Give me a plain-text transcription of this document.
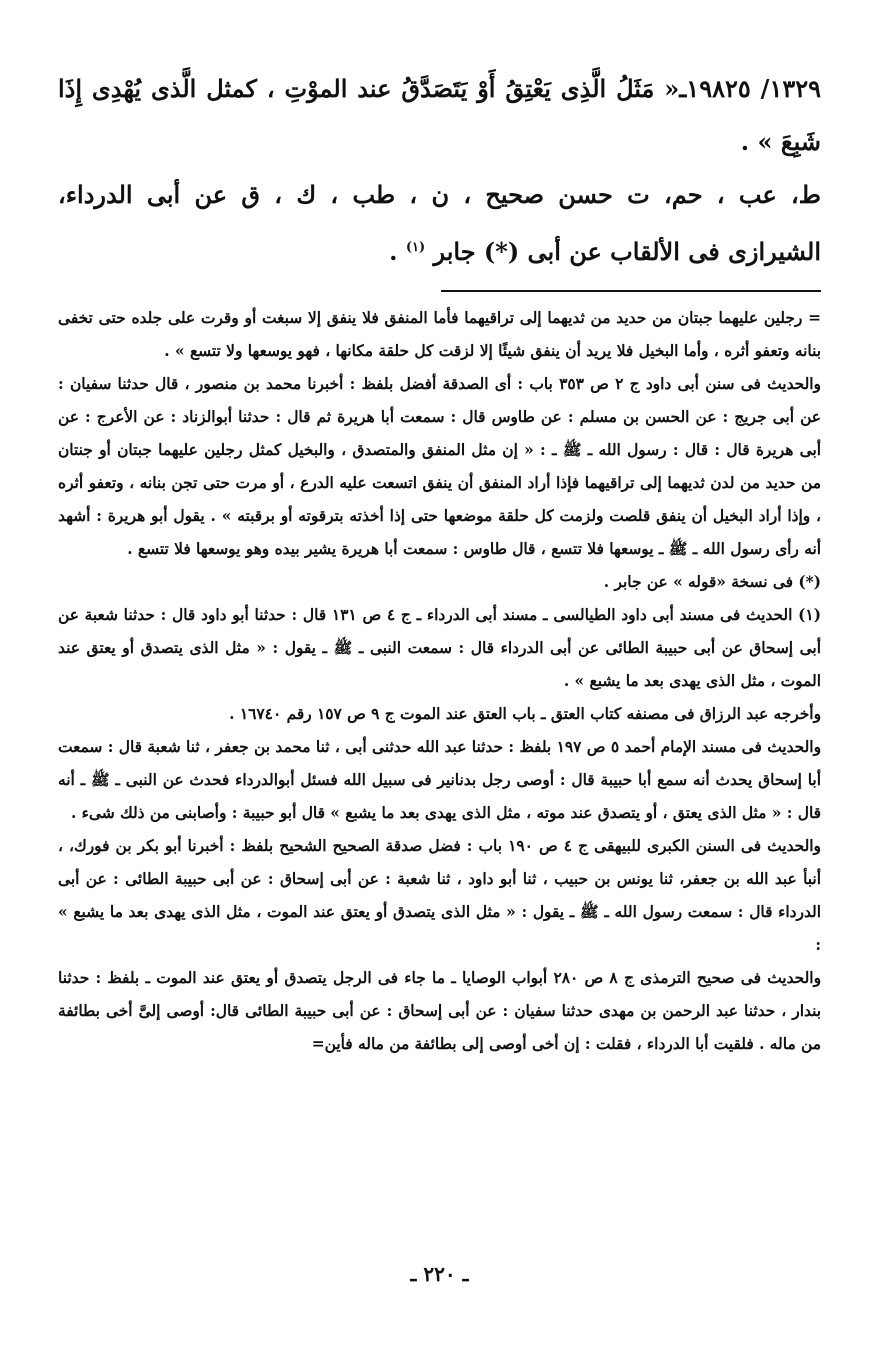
١٣٢٩/ ١٩٨٢٥ـ« مَثَلُ الَّذِى يَعْتِقُ أَوْ يَتَصَدَّقُ عند الموْتِ ، كمثل الَّذى يُهْدِى إِذَا شَبِعَ » .

ط، عب ، حم، ت حسن صحيح ، ن ، طب ، ك ، ق عن أبى الدرداء، الشيرازى فى الألقاب عن أبى (*) جابر $^{(١)}$ .

= رجلين عليهما جبتان من حديد من ثديهما إلى تراقيهما فأما المنفق فلا ينفق إلا سبغت أو وقرت على جلده حتى تخفى بنانه وتعفو أثره ، وأما البخيل فلا يريد أن ينفق شيئًا إلا لزقت كل حلقة مكانها ، فهو يوسعها ولا تتسع » .

والحديث فى سنن أبى داود ج ٢ ص ٣٥٣ باب : أى الصدقة أفضل بلفظ : أخبرنا محمد بن منصور ، قال حدثنا سفيان : عن أبى جريج : عن الحسن بن مسلم : عن طاوس قال : سمعت أبا هريرة ثم قال : حدثنا أبوالزناد : عن الأعرج : عن أبى هريرة قال : قال : رسول الله ـ ﷺ ـ : « إن مثل المنفق والمتصدق ، والبخيل كمثل رجلين عليهما جبتان أو جنتان من حديد من لدن ثديهما إلى تراقيهما فإذا أراد المنفق أن ينفق اتسعت عليه الدرع ، أو مرت حتى تجن بنانه ، وتعفو أثره ، وإذا أراد البخيل أن ينفق قلصت ولزمت كل حلقة موضعها حتى إذا أخذته بترقوته أو برقبته » . يقول أبو هريرة : أشهد أنه رأى رسول الله ـ ﷺ ـ يوسعها فلا تتسع ، قال طاوس : سمعت أبا هريرة يشير بيده وهو يوسعها فلا تتسع .

(*) فى نسخة «قوله » عن جابر .

(١) الحديث فى مسند أبى داود الطيالسى ـ مسند أبى الدرداء ـ ج ٤ ص ١٣١ قال : حدثنا أبو داود قال : حدثنا شعبة عن أبى إسحاق عن أبى حبيبة الطائى عن أبى الدرداء قال : سمعت النبى ـ ﷺ ـ يقول : « مثل الذى يتصدق أو يعتق عند الموت ، مثل الذى يهدى بعد ما يشبع » .

وأخرجه عبد الرزاق فى مصنفه كتاب العتق ـ باب العتق عند الموت ج ٩ ص ١٥٧ رقم ١٦٧٤٠ .

والحديث فى مسند الإمام أحمد ٥ ص ١٩٧ بلفظ : حدثنا عبد الله حدثنى أبى ، ثنا محمد بن جعفر ، ثنا شعبة قال : سمعت أبا إسحاق يحدث أنه سمع أبا حبيبة قال : أوصى رجل بدنانير فى سبيل الله فسئل أبوالدرداء فحدث عن النبى ـ ﷺ ـ أنه قال : « مثل الذى يعتق ، أو يتصدق عند موته ، مثل الذى يهدى بعد ما يشبع » قال أبو حبيبة : وأصابنى من ذلك شىء .

والحديث فى السنن الكبرى للبيهقى ج ٤ ص ١٩٠ باب : فضل صدقة الصحيح الشحيح بلفظ : أخبرنا أبو بكر بن فورك، ، أنبأ عبد الله بن جعفر، ثنا يونس بن حبيب ، ثنا أبو داود ، ثنا شعبة : عن أبى إسحاق : عن أبى حبيبة الطائى : عن أبى الدرداء قال : سمعت رسول الله ـ ﷺ ـ يقول : « مثل الذى يتصدق أو يعتق عند الموت ، مثل الذى يهدى بعد ما يشبع » :

والحديث فى صحيح الترمذى ج ٨ ص ٢٨٠ أبواب الوصايا ـ ما جاء فى الرجل يتصدق أو يعتق عند الموت ـ بلفظ : حدثنا بندار ، حدثنا عبد الرحمن بن مهدى حدثنا سفيان : عن أبى إسحاق : عن أبى حبيبة الطائى قال: أوصى إلىَّ أخى بطائفة من ماله . فلقيت أبا الدرداء ، فقلت : إن أخى أوصى إلى بطائفة من ماله فأين=

ـ ٢٢٠ ـ
